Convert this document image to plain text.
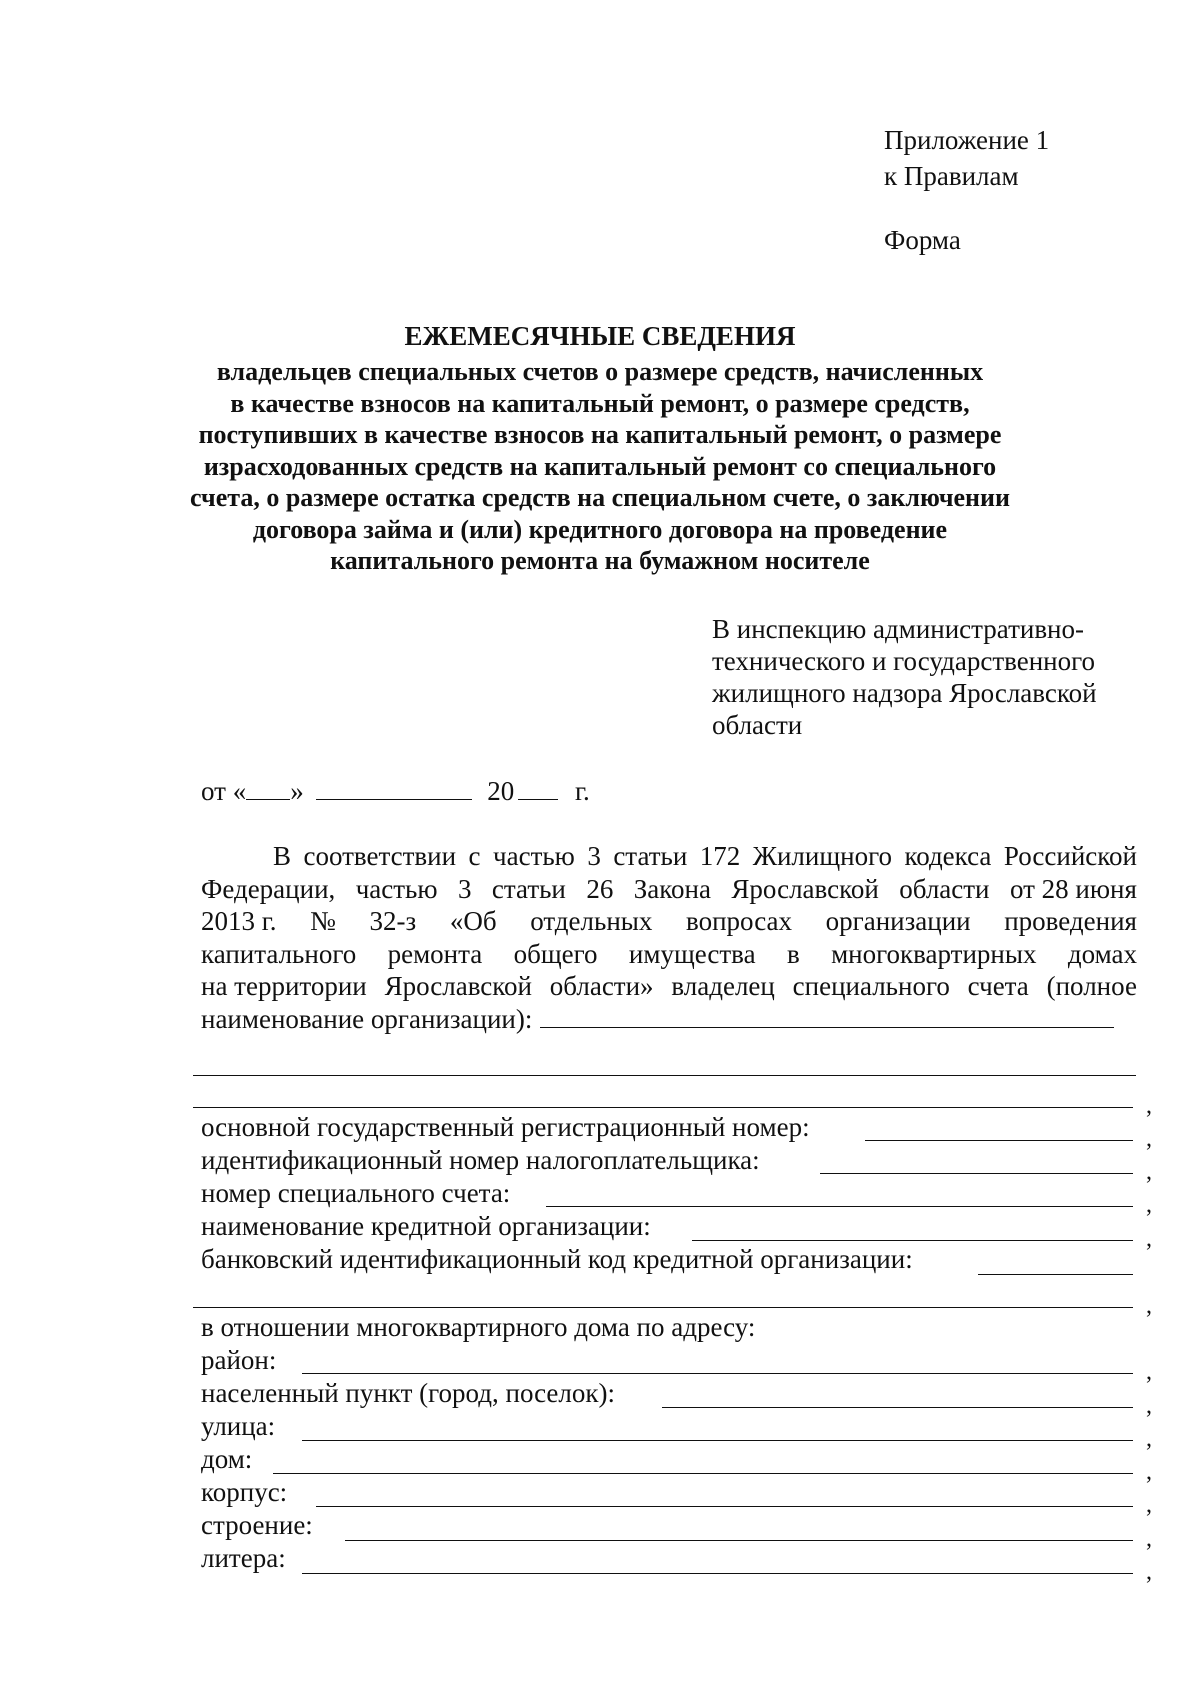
Приложение 1
к Правилам
Форма
ЕЖЕМЕСЯЧНЫЕ СВЕДЕНИЯ
владельцев специальных счетов о размере средств, начисленных
в качестве взносов на капитальный ремонт, о размере средств,
поступивших в качестве взносов на капитальный ремонт, о размере
израсходованных средств на капитальный ремонт со специального
счета, о размере остатка средств на специальном счете, о заключении
договора займа и (или) кредитного договора на проведение
капитального ремонта на бумажном носителе
В инспекцию административно-
технического и государственного
жилищного надзора Ярославской
области
от « »	20 г.
В соответствии с частью 3 статьи 172 Жилищного кодекса Российской
Федерации, частью 3 статьи 26 Закона Ярославской области от 28 июня
2013 г. № 32-з «Об отдельных вопросах организации проведения
капитального ремонта общего имущества в многоквартирных домах
на территории Ярославской области» владелец специального счета (полное
наименование организации):
,
основной государственный регистрационный номер:	,
идентификационный номер налогоплательщика:	,
номер специального счета:	,
наименование кредитной организации:	,
банковский идентификационный код кредитной организации:
,
в отношении многоквартирного дома по адресу:
район:	,
населенный пункт (город, поселок):	,
улица:	,
дом:	,
корпус:	,
строение:	,
литера:	,
